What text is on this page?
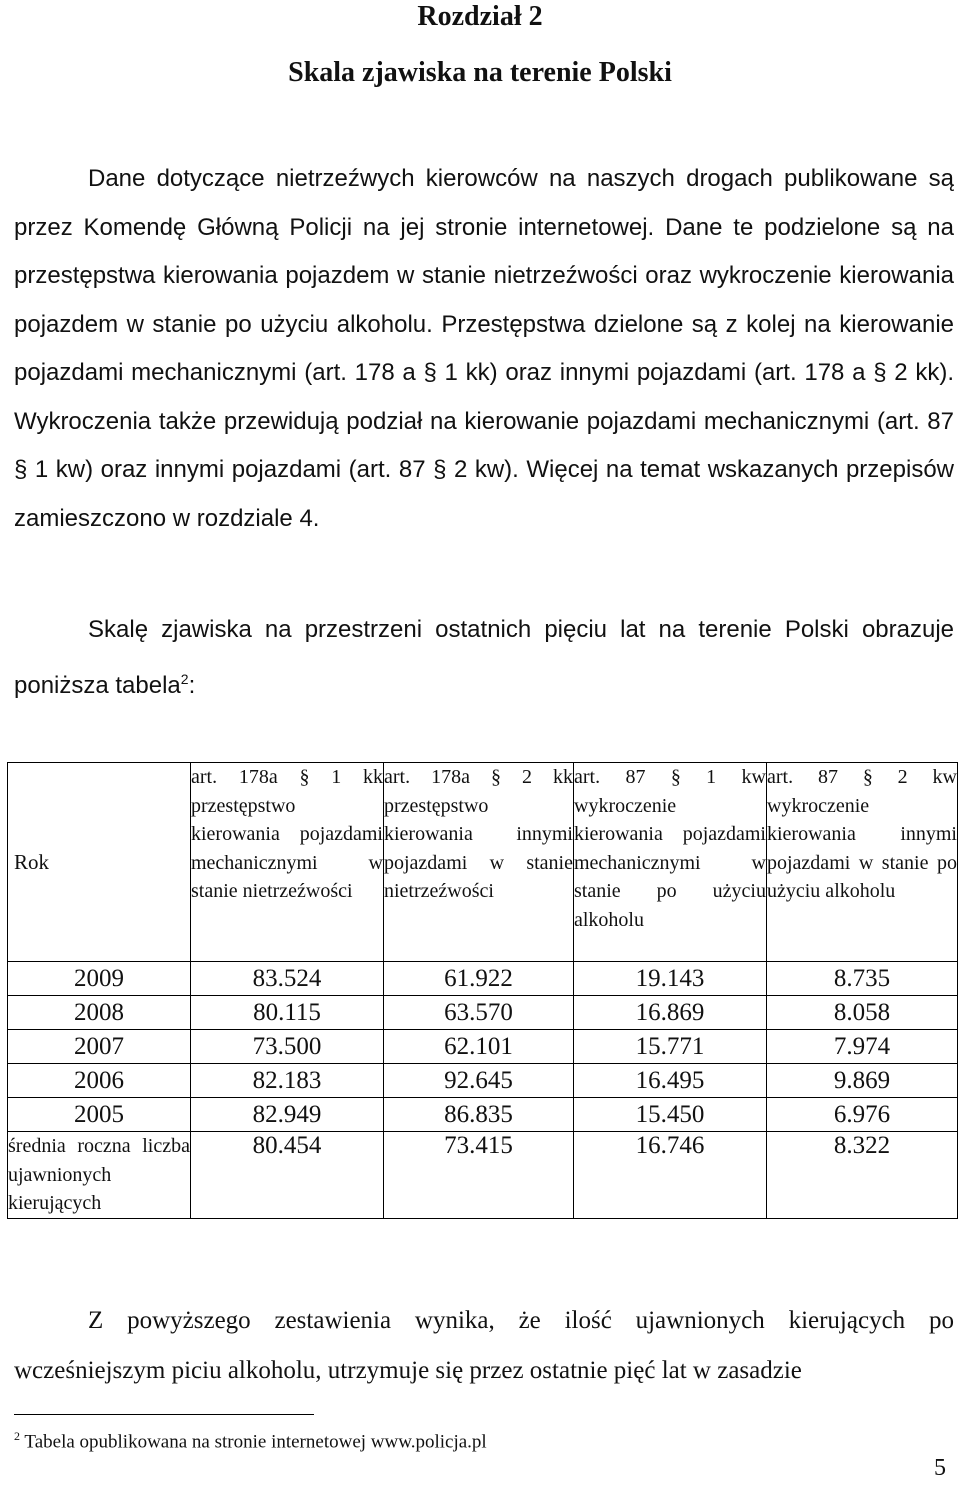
Rozdział 2
Skala zjawiska na terenie Polski

Dane dotyczące nietrzeźwych kierowców na naszych drogach publikowane są przez Komendę Główną Policji na jej stronie internetowej. Dane te podzielone są na przestępstwa kierowania pojazdem w stanie nietrzeźwości oraz wykroczenie kierowania pojazdem w stanie po użyciu alkoholu. Przestępstwa dzielone są z kolej na kierowanie pojazdami mechanicznymi (art. 178 a § 1 kk) oraz innymi pojazdami (art. 178 a § 2 kk). Wykroczenia także przewidują podział na kierowanie pojazdami mechanicznymi (art. 87 § 1 kw) oraz innymi pojazdami (art. 87 § 2 kw). Więcej na temat wskazanych przepisów zamieszczono w rozdziale 4.

Skalę zjawiska na przestrzeni ostatnich pięciu lat na terenie Polski obrazuje poniższa tabela$^2$:

Rok	art. 178a § 1 kk przestępstwo kierowania pojazdami mechanicznymi w stanie nietrzeźwości	art. 178a § 2 kk przestępstwo kierowania innymi pojazdami w stanie nietrzeźwości	art. 87 § 1 kw wykroczenie kierowania pojazdami mechanicznymi w stanie po użyciu alkoholu	art. 87 § 2 kw wykroczenie kierowania innymi pojazdami w stanie po użyciu alkoholu

2009	83.524	61.922	19.143	8.735
2008	80.115	63.570	16.869	8.058
2007	73.500	62.101	15.771	7.974
2006	82.183	92.645	16.495	9.869
2005	82.949	86.835	15.450	6.976
średnia roczna liczba ujawnionych kierujących	80.454	73.415	16.746	8.322

Z powyższego zestawienia wynika, że ilość ujawnionych kierujących po wcześniejszym piciu alkoholu, utrzymuje się przez ostatnie pięć lat w zasadzie

$^2$ Tabela opublikowana na stronie internetowej www.policja.pl
5
